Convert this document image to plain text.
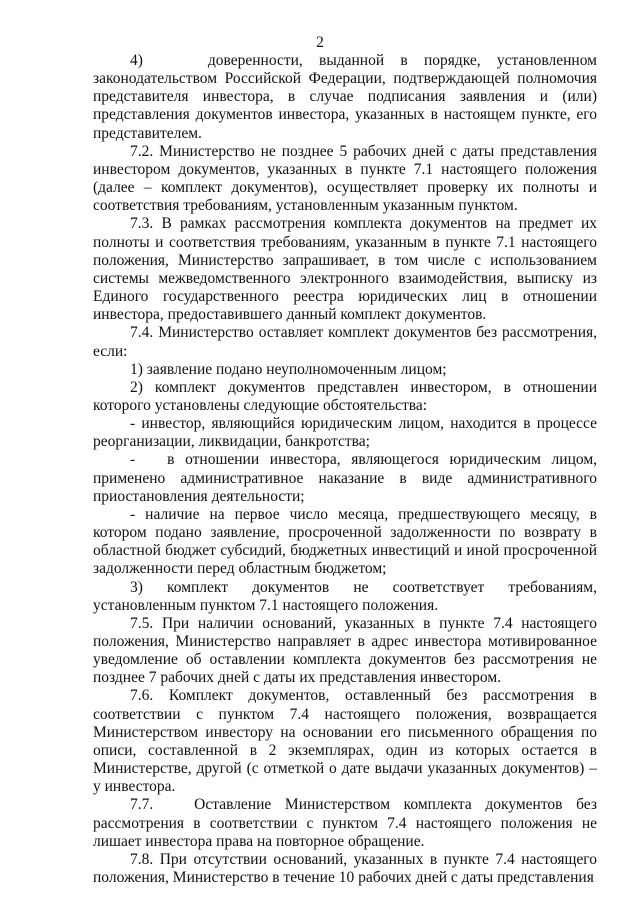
2

4)    доверенности, выданной в порядке, установленном законодательством Российской Федерации, подтверждающей полномочия представителя инвестора, в случае подписания заявления и (или) представления документов инвестора, указанных в настоящем пункте, его представителем.

7.2. Министерство не позднее 5 рабочих дней с даты представления инвестором документов, указанных в пункте 7.1 настоящего положения (далее – комплект документов), осуществляет проверку их полноты и соответствия требованиям, установленным указанным пунктом.

7.3. В рамках рассмотрения комплекта документов на предмет их полноты и соответствия требованиям, указанным в пункте 7.1 настоящего положения, Министерство запрашивает, в том числе с использованием системы межведомственного электронного взаимодействия, выписку из Единого государственного реестра юридических лиц в отношении инвестора, предоставившего данный комплект документов.

7.4. Министерство оставляет комплект документов без рассмотрения, если:

1) заявление подано неуполномоченным лицом;

2) комплект документов представлен инвестором, в отношении которого установлены следующие обстоятельства:

- инвестор, являющийся юридическим лицом, находится в процессе реорганизации, ликвидации, банкротства;

-   в отношении инвестора, являющегося юридическим лицом, применено административное наказание в виде административного приостановления деятельности;

- наличие на первое число месяца, предшествующего месяцу, в котором подано заявление, просроченной задолженности по возврату в областной бюджет субсидий, бюджетных инвестиций и иной просроченной задолженности перед областным бюджетом;

3) комплект документов не соответствует требованиям, установленным пунктом 7.1 настоящего положения.

7.5. При наличии оснований, указанных в пункте 7.4 настоящего положения, Министерство направляет в адрес инвестора мотивированное уведомление об оставлении комплекта документов без рассмотрения не позднее 7 рабочих дней с даты их представления инвестором.

7.6. Комплект документов, оставленный без рассмотрения в соответствии с пунктом 7.4 настоящего положения, возвращается Министерством инвестору на основании его письменного обращения по описи, составленной в 2 экземплярах, один из которых остается в Министерстве, другой (с отметкой о дате выдачи указанных документов) – у инвестора.

7.7.   Оставление Министерством комплекта документов без рассмотрения в соответствии с пунктом 7.4 настоящего положения не лишает инвестора права на повторное обращение.

7.8. При отсутствии оснований, указанных в пункте 7.4 настоящего положения, Министерство в течение 10 рабочих дней с даты представления
